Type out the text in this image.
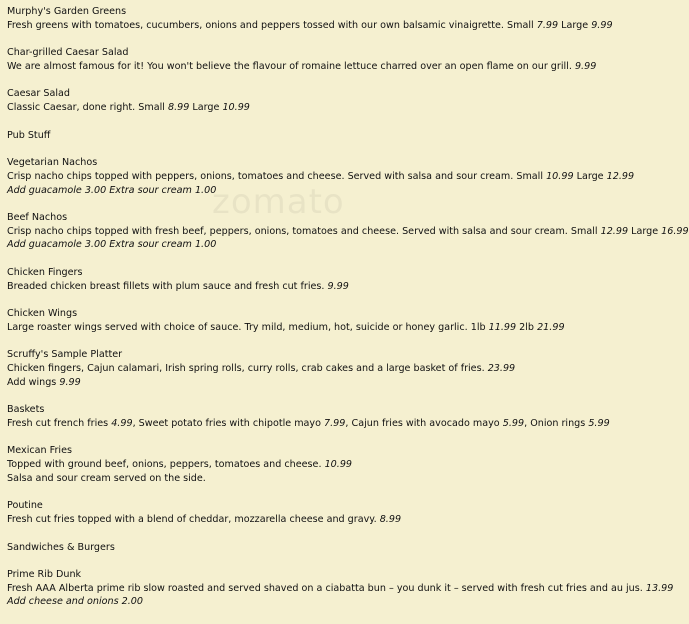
zomato
Murphy's Garden Greens
Fresh greens with tomatoes, cucumbers, onions and peppers tossed with our own balsamic vinaigrette. Small 7.99 Large 9.99
Char-grilled Caesar Salad
We are almost famous for it! You won't believe the flavour of romaine lettuce charred over an open flame on our grill. 9.99
Caesar Salad
Classic Caesar, done right. Small 8.99 Large 10.99
Pub Stuff
Vegetarian Nachos
Crisp nacho chips topped with peppers, onions, tomatoes and cheese. Served with salsa and sour cream. Small 10.99 Large 12.99
Add guacamole 3.00 Extra sour cream 1.00
Beef Nachos
Crisp nacho chips topped with fresh beef, peppers, onions, tomatoes and cheese. Served with salsa and sour cream. Small 12.99 Large 16.99
Add guacamole 3.00 Extra sour cream 1.00
Chicken Fingers
Breaded chicken breast fillets with plum sauce and fresh cut fries. 9.99
Chicken Wings
Large roaster wings served with choice of sauce. Try mild, medium, hot, suicide or honey garlic. 1lb 11.99 2lb 21.99
Scruffy's Sample Platter
Chicken fingers, Cajun calamari, Irish spring rolls, curry rolls, crab cakes and a large basket of fries. 23.99
Add wings 9.99
Baskets
Fresh cut french fries 4.99, Sweet potato fries with chipotle mayo 7.99, Cajun fries with avocado mayo 5.99, Onion rings 5.99
Mexican Fries
Topped with ground beef, onions, peppers, tomatoes and cheese. 10.99
Salsa and sour cream served on the side.
Poutine
Fresh cut fries topped with a blend of cheddar, mozzarella cheese and gravy. 8.99
Sandwiches & Burgers
Prime Rib Dunk
Fresh AAA Alberta prime rib slow roasted and served shaved on a ciabatta bun – you dunk it – served with fresh cut fries and au jus. 13.99
Add cheese and onions 2.00
